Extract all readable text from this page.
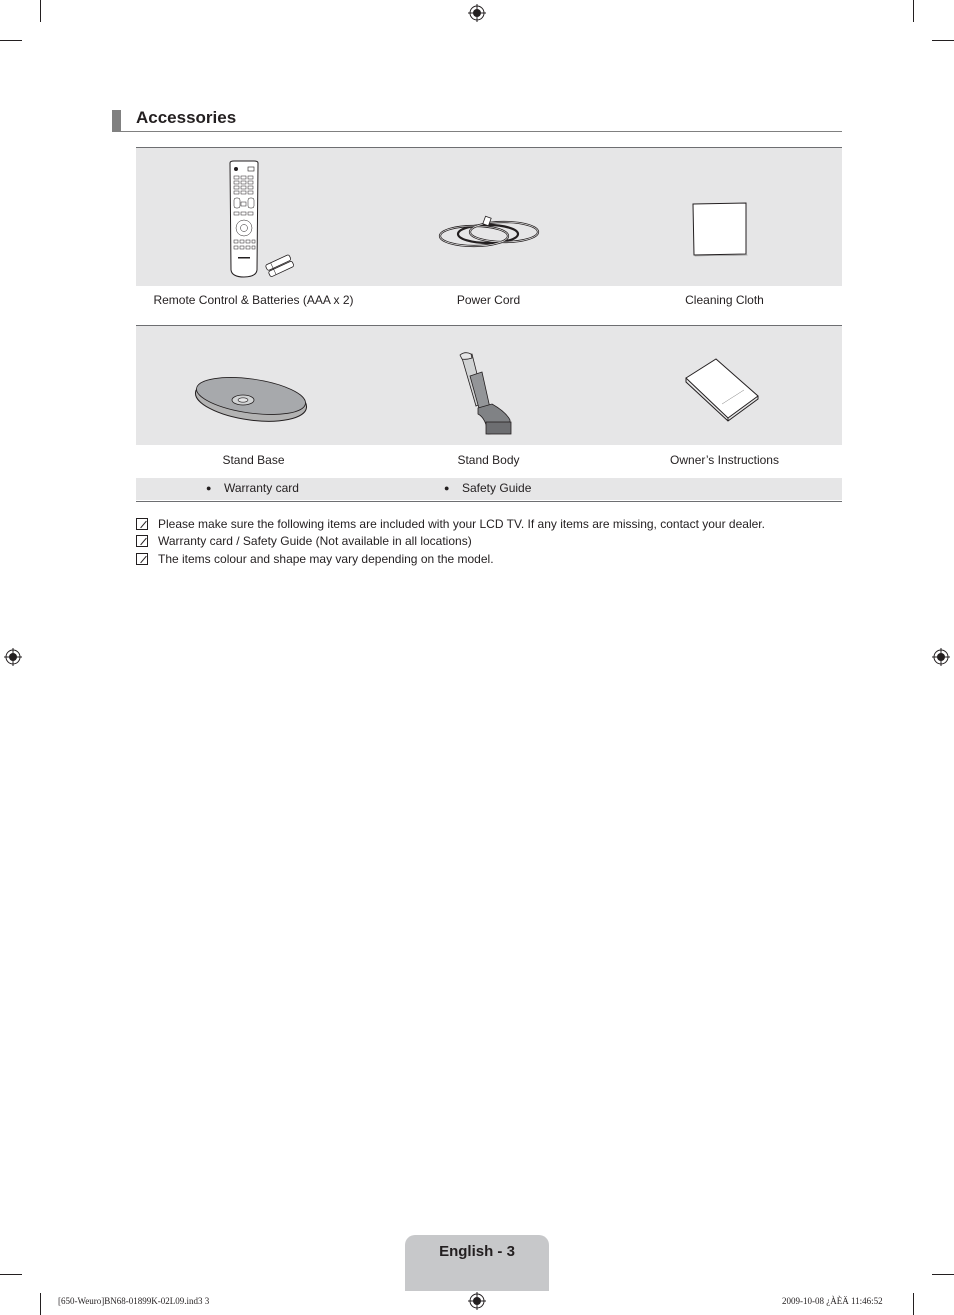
Accessories
Remote Control & Batteries (AAA x 2)	Power Cord	Cleaning Cloth
Stand Base	Stand Body	Owner’s Instructions
● Warranty card	● Safety Guide
Please make sure the following items are included with your LCD TV. If any items are missing, contact your dealer.
Warranty card / Safety Guide (Not available in all locations)
The items colour and shape may vary depending on the model.
English - 3
[650-Weuro]BN68-01899K-02L09.ind3 3	2009-10-08 ¿ÀÈÄ 11:46:52
